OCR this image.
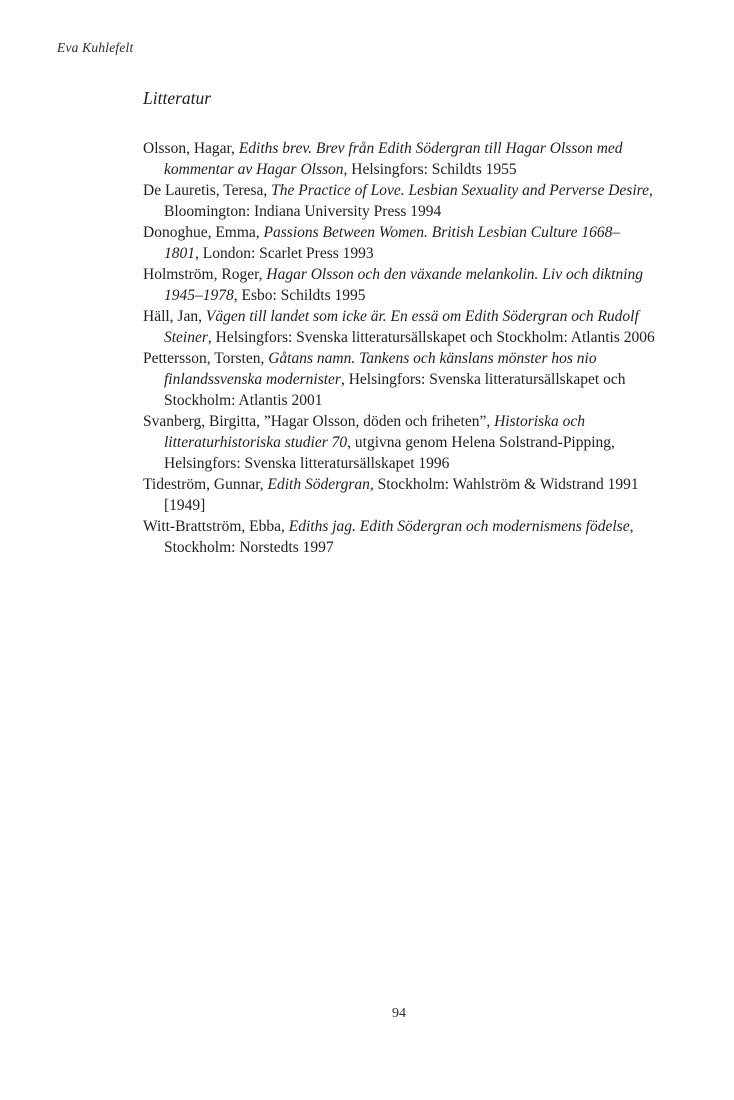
Eva Kuhlefelt
Litteratur

Olsson, Hagar, Ediths brev. Brev från Edith Södergran till Hagar Olsson med kommentar av Hagar Olsson, Helsingfors: Schildts 1955

De Lauretis, Teresa, The Practice of Love. Lesbian Sexuality and Perverse Desire, Bloomington: Indiana University Press 1994

Donoghue, Emma, Passions Between Women. British Lesbian Culture 1668–1801, London: Scarlet Press 1993

Holmström, Roger, Hagar Olsson och den växande melankolin. Liv och diktning 1945–1978, Esbo: Schildts 1995

Häll, Jan, Vägen till landet som icke är. En essä om Edith Södergran och Rudolf Steiner, Helsingfors: Svenska litteratursällskapet och Stockholm: Atlantis 2006

Pettersson, Torsten, Gåtans namn. Tankens och känslans mönster hos nio finlandssvenska modernister, Helsingfors: Svenska litteratursällskapet och Stockholm: Atlantis 2001

Svanberg, Birgitta, ”Hagar Olsson, döden och friheten”, Historiska och litteraturhistoriska studier 70, utgivna genom Helena Solstrand-Pipping, Helsingfors: Svenska litteratursällskapet 1996

Tideström, Gunnar, Edith Södergran, Stockholm: Wahlström & Widstrand 1991 [1949]

Witt-Brattström, Ebba, Ediths jag. Edith Södergran och modernismens födelse, Stockholm: Norstedts 1997

94
